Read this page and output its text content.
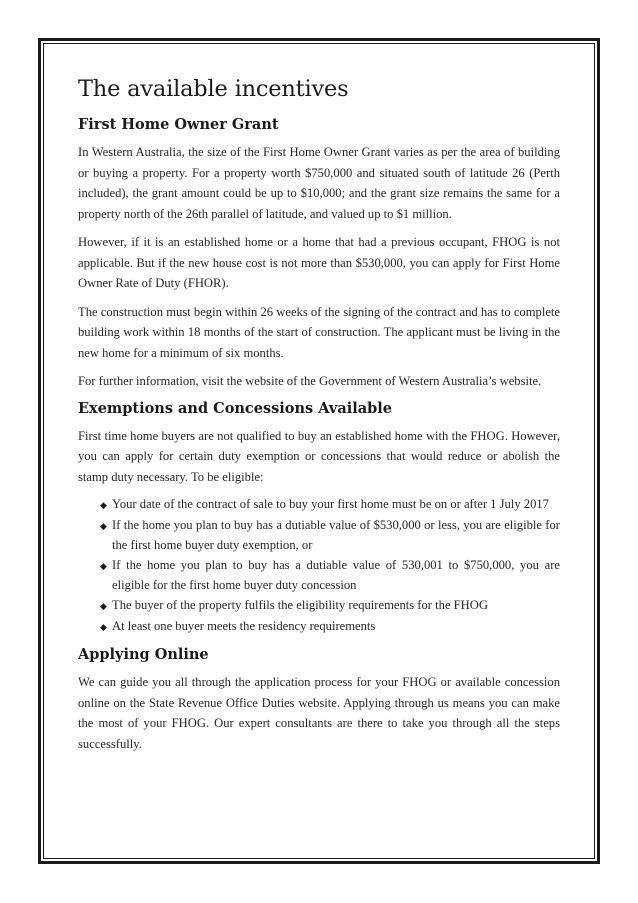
The available incentives
First Home Owner Grant

In Western Australia, the size of the First Home Owner Grant varies as per the area of building or buying a property. For a property worth $750,000 and situated south of latitude 26 (Perth included), the grant amount could be up to $10,000; and the grant size remains the same for a property north of the 26th parallel of latitude, and valued up to $1 million.

However, if it is an established home or a home that had a previous occupant, FHOG is not applicable. But if the new house cost is not more than $530,000, you can apply for First Home Owner Rate of Duty (FHOR).

The construction must begin within 26 weeks of the signing of the contract and has to complete building work within 18 months of the start of construction. The applicant must be living in the new home for a minimum of six months.

For further information, visit the website of the Government of Western Australia’s website.

Exemptions and Concessions Available

First time home buyers are not qualified to buy an established home with the FHOG. However, you can apply for certain duty exemption or concessions that would reduce or abolish the stamp duty necessary. To be eligible:

◆ Your date of the contract of sale to buy your first home must be on or after 1 July 2017
◆ If the home you plan to buy has a dutiable value of $530,000 or less, you are eligible for the first home buyer duty exemption, or
◆ If the home you plan to buy has a dutiable value of 530,001 to $750,000, you are eligible for the first home buyer duty concession
◆ The buyer of the property fulfils the eligibility requirements for the FHOG
◆ At least one buyer meets the residency requirements
Applying Online

We can guide you all through the application process for your FHOG or available concession online on the State Revenue Office Duties website. Applying through us means you can make the most of your FHOG. Our expert consultants are there to take you through all the steps successfully.
